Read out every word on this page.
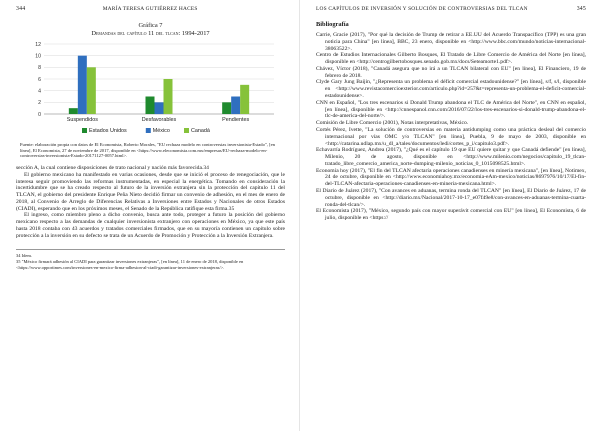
344	MARÍA TERESA GUTIÉRREZ HACES
Gráfica 7
Demandas del capítulo 11 del tlcan: 1994-2017
0
2
4
6
8
10
12
Suspendidos	Desfavorables	Pendientes
Estados Unidos	México	Canadá
Fuente: elaboración propia con datos de El Economista, Roberto Morales, "EU rechaza modelo en controversias inversionista-Estado", [en línea], El Economista, 27 de noviembre de 2017, disponible en <https://www.eleconomista.com.mx/empresas/EU-rechaza-modelo-en-controversias-inversionista-Estado-20171127-0057.html>.

sección A, la cual contiene disposiciones de trato nacional y nación más favorecida.34

El gobierno mexicano ha manifestado en varias ocasiones, desde que se inició el proceso de renegociación, que le interesa seguir promoviendo las reformas instrumentadas, en especial la energética. Tomando en consideración la incertidumbre que se ha creado respecto al futuro de la inversión extranjera sin la protección del capítulo 11 del TLCAN, el gobierno del presidente Enrique Peña Nieto decidió firmar un convenio de adhesión, en el mes de enero de 2018, al Convenio de Arreglo de Diferencias Relativas a Inversiones entre Estados y Nacionales de otros Estados (CIADI), esperando que en los próximos meses, el Senado de la República ratifique esta firma.35

El ingreso, como miembro pleno a dicho convenio, busca ante todo, proteger a futuro la posición del gobierno mexicano respecto a las demandas de cualquier inversionista extranjero con operaciones en México, ya que este país hasta 2018 contaba con 43 acuerdos y tratados comerciales firmados, que en su mayoría contienen un capítulo sobre protección a la inversión en su defecto se trata de un Acuerdo de Promoción y Protección a la Inversión Extranjera.

34 Idem.
35 "México firmará adhesión al CIADI para garantizar inversiones extranjeras", [en línea], 11 de enero de 2018, disponible en <https://www.opportimes.com/inversiones-en-mexico-firma-adhesion-al-ciadi-garantizar-inversiones-extranjeras/>.
LOS CAPÍTULOS DE INVERSIÓN Y SOLUCIÓN DE CONTROVERSIAS DEL TLCAN	345
Bibliografía
Carrie, Gracie (2017), "Por qué la decisión de Trump de retirar a EE.UU del Acuerdo Transpacífico (TPP) es una gran noticia para China" [en línea], BBC, 23 enero, disponible en <http://www.bbc.com/mundo/noticias-internacional-38063522>.
Centro de Estudios Internacionales Gilberto Bosques, El Tratado de Libre Comercio de América del Norte [en línea], disponible en <http://centrogilbertobosques.senado.gob.mx/docs/Seteamorte1.pdf>.
Chávez, Víctor (2018), "Canadá asegura que no irá a un TLCAN bilateral con EU" [en línea], El Financiero, 19 de febrero de 2018.
Clyde Gary Jung Baijin, "¿Representa un problema el déficit comercial estadounidense?" [en línea], s/f, s/l, disponible en <http://www.revistacomercioexterior.com/articulo.php?id=257&t=representa-un-problema-el-deficit-comercial-estadounidense>.
CNN en Español, "Los tres escenarios si Donald Trump abandona el TLC de América del Norte", en CNN en español, [en línea], disponible en <http://cnnespanol.cnn.com/2016/07/22/los-tres-escenarios-si-donald-trump-abandona-el-tlc-de-america-del-norte/>.
Comisión de Libre Comercio (2001), Notas interpretativas, México.
Cortés Pérez, Ivette, "La solución de controversias en materia antidumping como una práctica desleal del comercio internacional por vías OMC y/o TLCAN" [en línea], Puebla, 9 de mayo de 2003, disponible en <http://catarina.udlap.mx/u_dl_a/tales/documentos/ledi/cortes_p_i/capitulo3.pdf>.
Echavarría Rodríguez, Andrea (2017), "¿Qué es el capítulo 19 que EU quiere quitar y que Canadá defiende" [en línea], Milenio, 20 de agosto, disponible en <http://www.milenio.com/negocios/capitulo_19_tlcan-tratado_libre_comercio_america_norte-dumping-milenio_noticias_0_1015098525.html>.
Economía hoy (2017), "El fin del TLCAN afectaría operaciones canadienses en minería mexicana", [en línea], Notimex, 24 de octubre, disponible en <http://www.economiahoy.mx/economia-eAm-mexico/noticias/8697976/10/17/El-fin-del-TLCAN-afectaria-operaciones-canadienses-en-mineria-mexicana.html>.
El Diario de Juárez (2017), "Con avances en aduanas, termina ronda del TLCAN" [en línea], El Diario de Juárez, 17 de octubre, disponible en <http://diario.mx/Nacional/2017-10-17_e07f49e8/con-avances-en-aduanas-termina-cuarta-ronda-del-tlcan/>.
El Economista (2017), "México, segundo país con mayor superávit comercial con EU" [en línea], El Economista, 6 de julio, disponible en <https://
